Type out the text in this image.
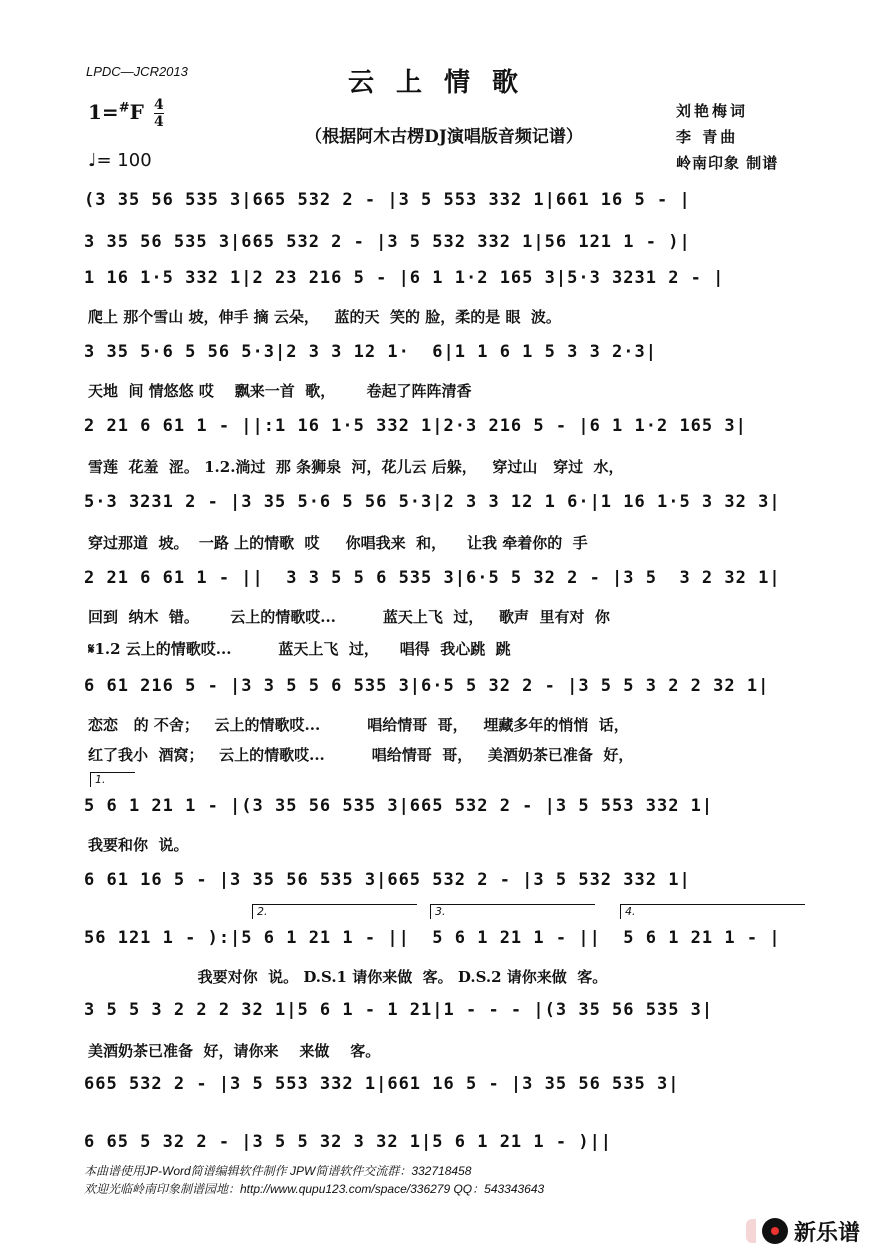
LPDC—JCR2013	云上情歌
1=#F 4
4
（根据阿木古楞DJ演唱版音频记谱）
♩= 100
刘艳梅词
李 青曲
岭南印象 制谱
(3 35 56 535 3|665 532 2 - |3 5 553 332 1|661 16 5 - |
3 35 56 535 3|665 532 2 - |3 5 532 332 1|56 121 1 - )|
1 16 1·5 332 1|2 23 216 5 - |6 1 1·2 165 3|5·3 3231 2 - |
爬上 那个雪山 坡，伸手 摘 云朵，   蓝的天  笑的 脸，柔的是 眼  波。
3 35 5·6 5 56 5·3|2 3 3 12 1·  6|1 1 6 1 5 3 3 2·3|
天地  间 情悠悠 哎    飘来一首  歌，      卷起了阵阵清香
2 21 6 61 1 - ||:1 16 1·5 332 1|2·3 216 5 - |6 1 1·2 165 3|
雪莲  花羞  涩。 1.2.淌过  那 条狮泉  河，花儿云 后躲，   穿过山   穿过  水，
5·3 3231 2 - |3 35 5·6 5 56 5·3|2 3 3 12 1 6·|1 16 1·5 3 32 3|
穿过那道  坡。  一路 上的情歌  哎     你唱我来  和，    让我 牵着你的  手
2 21 6 61 1 - ||  3 3 5 5 6 535 3|6·5 5 32 2 - |3 5  3 2 32 1|
回到  纳木  错。      云上的情歌哎...         蓝天上飞  过，   歌声  里有对  你
𝄋1.2 云上的情歌哎...         蓝天上飞  过，    唱得  我心跳  跳
6 61 216 5 - |3 3 5 5 6 535 3|6·5 5 32 2 - |3 5 5 3 2 2 32 1|
恋恋   的 不舍；   云上的情歌哎...         唱给情哥  哥，   埋藏多年的悄悄  话，
红了我小  酒窝；   云上的情歌哎...         唱给情哥  哥，   美酒奶茶已准备  好，
1.
5 6 1 21 1 - |(3 35 56 535 3|665 532 2 - |3 5 553 332 1|
我要和你  说。
6 61 16 5 - |3 35 56 535 3|665 532 2 - |3 5 532 332 1|
2.	3.	4.
56 121 1 - ):|5 6 1 21 1 - ||  5 6 1 21 1 - ||  5 6 1 21 1 - |
我要对你  说。 D.S.1 请你来做  客。 D.S.2 请你来做  客。
3 5 5 3 2 2 2 32 1|5 6 1 - 1 21|1 - - - |(3 35 56 535 3|
美酒奶茶已准备  好，请你来    来做    客。
665 532 2 - |3 5 553 332 1|661 16 5 - |3 35 56 535 3|
6 65 5 32 2 - |3 5 5 32 3 32 1|5 6 1 21 1 - )||
本曲谱使用JP-Word简谱编辑软件制作 JPW简谱软件交流群：332718458
欢迎光临岭南印象制谱园地：http://www.qupu123.com/space/336279 QQ：543343643
新乐谱
